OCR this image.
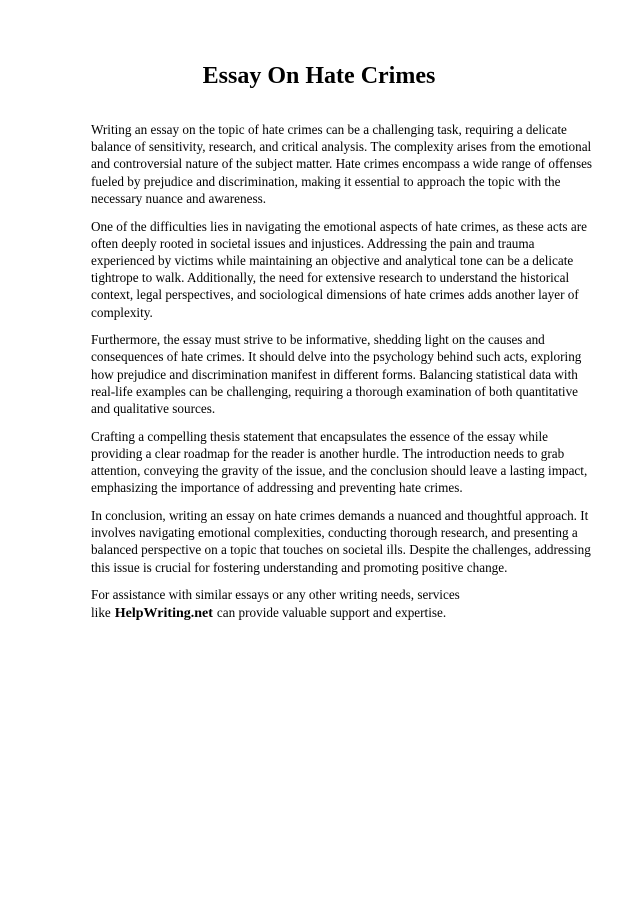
Essay On Hate Crimes

Writing an essay on the topic of hate crimes can be a challenging task, requiring a delicate balance of sensitivity, research, and critical analysis. The complexity arises from the emotional and controversial nature of the subject matter. Hate crimes encompass a wide range of offenses fueled by prejudice and discrimination, making it essential to approach the topic with the necessary nuance and awareness.

One of the difficulties lies in navigating the emotional aspects of hate crimes, as these acts are often deeply rooted in societal issues and injustices. Addressing the pain and trauma experienced by victims while maintaining an objective and analytical tone can be a delicate tightrope to walk. Additionally, the need for extensive research to understand the historical context, legal perspectives, and sociological dimensions of hate crimes adds another layer of complexity.

Furthermore, the essay must strive to be informative, shedding light on the causes and consequences of hate crimes. It should delve into the psychology behind such acts, exploring how prejudice and discrimination manifest in different forms. Balancing statistical data with real-life examples can be challenging, requiring a thorough examination of both quantitative and qualitative sources.

Crafting a compelling thesis statement that encapsulates the essence of the essay while providing a clear roadmap for the reader is another hurdle. The introduction needs to grab attention, conveying the gravity of the issue, and the conclusion should leave a lasting impact, emphasizing the importance of addressing and preventing hate crimes.

In conclusion, writing an essay on hate crimes demands a nuanced and thoughtful approach. It involves navigating emotional complexities, conducting thorough research, and presenting a balanced perspective on a topic that touches on societal ills. Despite the challenges, addressing this issue is crucial for fostering understanding and promoting positive change.

For assistance with similar essays or any other writing needs, services like HelpWriting.net can provide valuable support and expertise.
